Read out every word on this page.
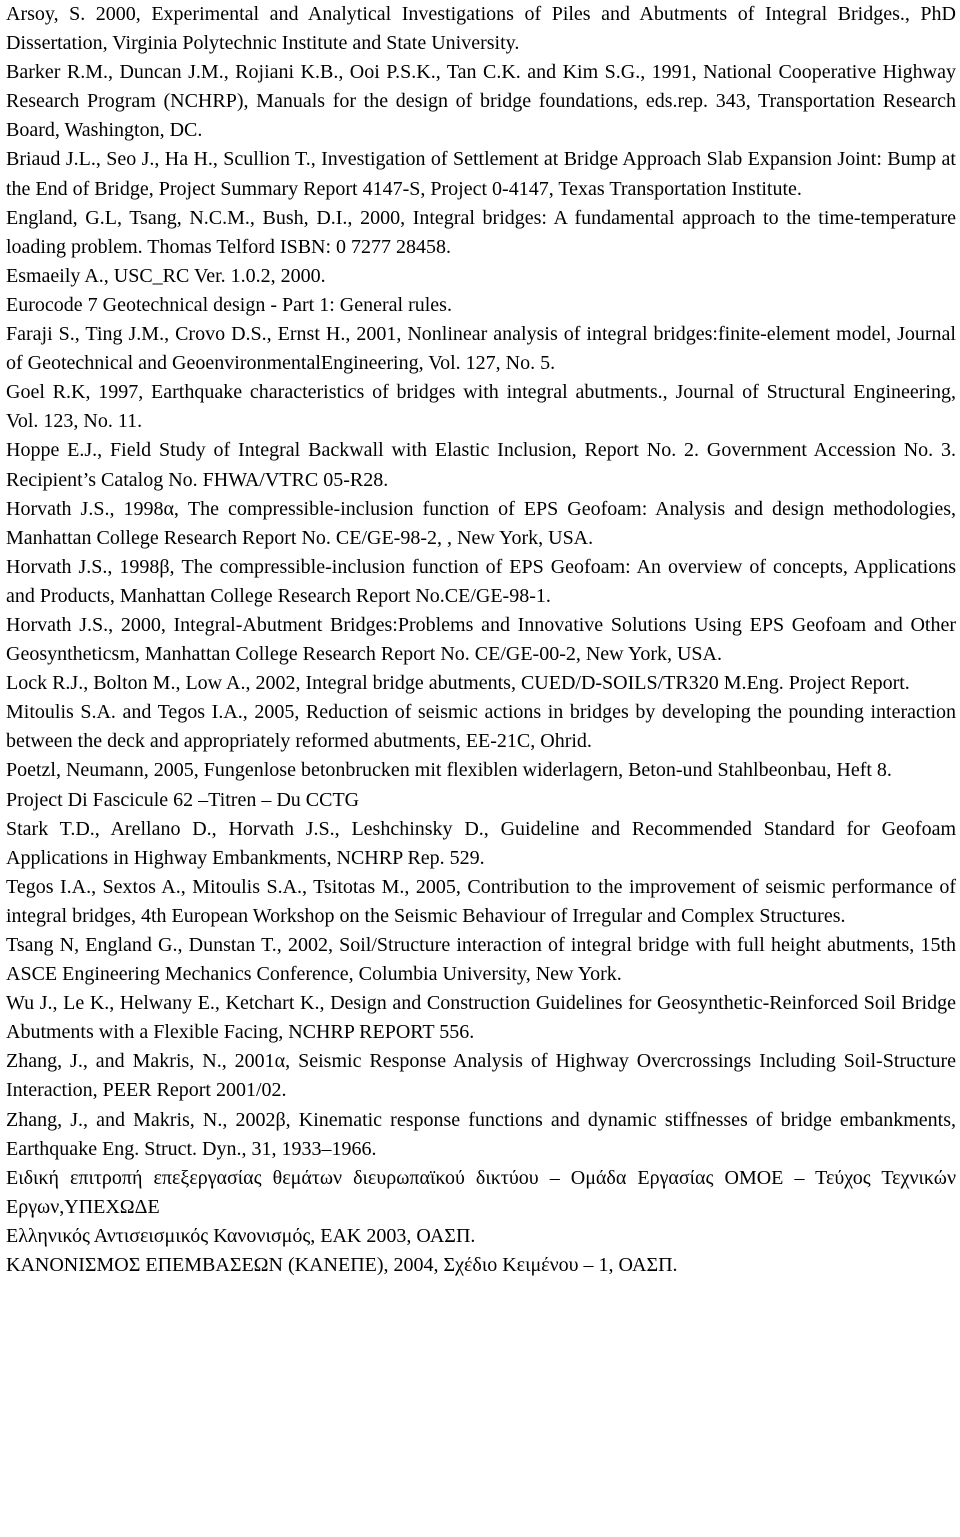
Arsoy, S. 2000, Experimental and Analytical Investigations of Piles and Abutments of Integral Bridges., PhD Dissertation, Virginia Polytechnic Institute and State University.

Barker R.M., Duncan J.M., Rojiani K.B., Ooi P.S.K., Tan C.K. and Kim S.G., 1991, National Cooperative Highway Research Program (NCHRP), Manuals for the design of bridge foundations, eds.rep. 343, Transportation Research Board, Washington, DC.

Briaud J.L., Seo J., Ha H., Scullion T., Investigation of Settlement at Bridge Approach Slab Expansion Joint: Bump at the End of Bridge, Project Summary Report 4147-S, Project 0-4147, Texas Transportation Institute.

England, G.L, Tsang, N.C.M., Bush, D.I., 2000, Integral bridges: A fundamental approach to the time-temperature loading problem. Thomas Telford ISBN: 0 7277 28458.

Esmaeily A., USC_RC Ver. 1.0.2, 2000.

Eurocode 7 Geotechnical design - Part 1: General rules.

Faraji S., Ting J.M., Crovo D.S., Ernst H., 2001, Nonlinear analysis of integral bridges:finite-element model, Journal of Geotechnical and GeoenvironmentalEngineering, Vol. 127, No. 5.

Goel R.K, 1997, Earthquake characteristics of bridges with integral abutments., Journal of Structural Engineering, Vol. 123, No. 11.

Hoppe E.J., Field Study of Integral Backwall with Elastic Inclusion, Report No. 2. Government Accession No. 3. Recipient’s Catalog No. FHWA/VTRC 05-R28.

Horvath J.S., 1998α, The compressible-inclusion function of EPS Geofoam: Analysis and design methodologies, Manhattan College Research Report No. CE/GE-98-2, , New York, USA.

Horvath J.S., 1998β, The compressible-inclusion function of EPS Geofoam: An overview of concepts, Applications and Products, Manhattan College Research Report No.CE/GE-98-1.

Horvath J.S., 2000, Integral-Abutment Bridges:Problems and Innovative Solutions Using EPS Geofoam and Other Geosyntheticsm, Manhattan College Research Report No. CE/GE-00-2, New York, USA.

Lock R.J., Bolton M., Low A., 2002, Integral bridge abutments, CUED/D-SOILS/TR320 M.Eng. Project Report.

Mitoulis S.A. and Tegos I.A., 2005, Reduction of seismic actions in bridges by developing the pounding interaction between the deck and appropriately reformed abutments, EE-21C, Ohrid.

Poetzl, Neumann, 2005, Fungenlose betonbrucken mit flexiblen widerlagern, Beton-und Stahlbeonbau, Heft 8.

Project Di Fascicule 62 –Titren – Du CCTG

Stark T.D., Arellano D., Horvath J.S., Leshchinsky D., Guideline and Recommended Standard for Geofoam Applications in Highway Embankments, NCHRP Rep. 529.

Tegos I.A., Sextos A., Mitoulis S.A., Tsitotas M., 2005, Contribution to the improvement of seismic performance of integral bridges, 4th European Workshop on the Seismic Behaviour of Irregular and Complex Structures.

Tsang N, England G., Dunstan T., 2002, Soil/Structure interaction of integral bridge with full height abutments, 15th ASCE Engineering Mechanics Conference, Columbia University, New York.

Wu J., Le K., Helwany E., Ketchart K., Design and Construction Guidelines for Geosynthetic-Reinforced Soil Bridge Abutments with a Flexible Facing, NCHRP REPORT 556.

Zhang, J., and Makris, N., 2001α, Seismic Response Analysis of Highway Overcrossings Including Soil-Structure Interaction, PEER Report 2001/02.

Zhang, J., and Makris, N., 2002β, Kinematic response functions and dynamic stiffnesses of bridge embankments, Earthquake Eng. Struct. Dyn., 31, 1933–1966.

Ειδική επιτροπή επεξεργασίας θεμάτων διευρωπαϊκού δικτύου – Ομάδα Εργασίας ΟΜΟΕ – Τεύχος Τεχνικών Εργων,ΥΠΕΧΩΔΕ

Ελληνικός Αντισεισμικός Κανονισμός, ΕΑΚ 2003, ΟΑΣΠ.

ΚΑΝΟΝΙΣΜΟΣ ΕΠΕΜΒΑΣΕΩΝ (ΚΑΝΕΠΕ), 2004, Σχέδιο Κειμένου – 1, ΟΑΣΠ.
